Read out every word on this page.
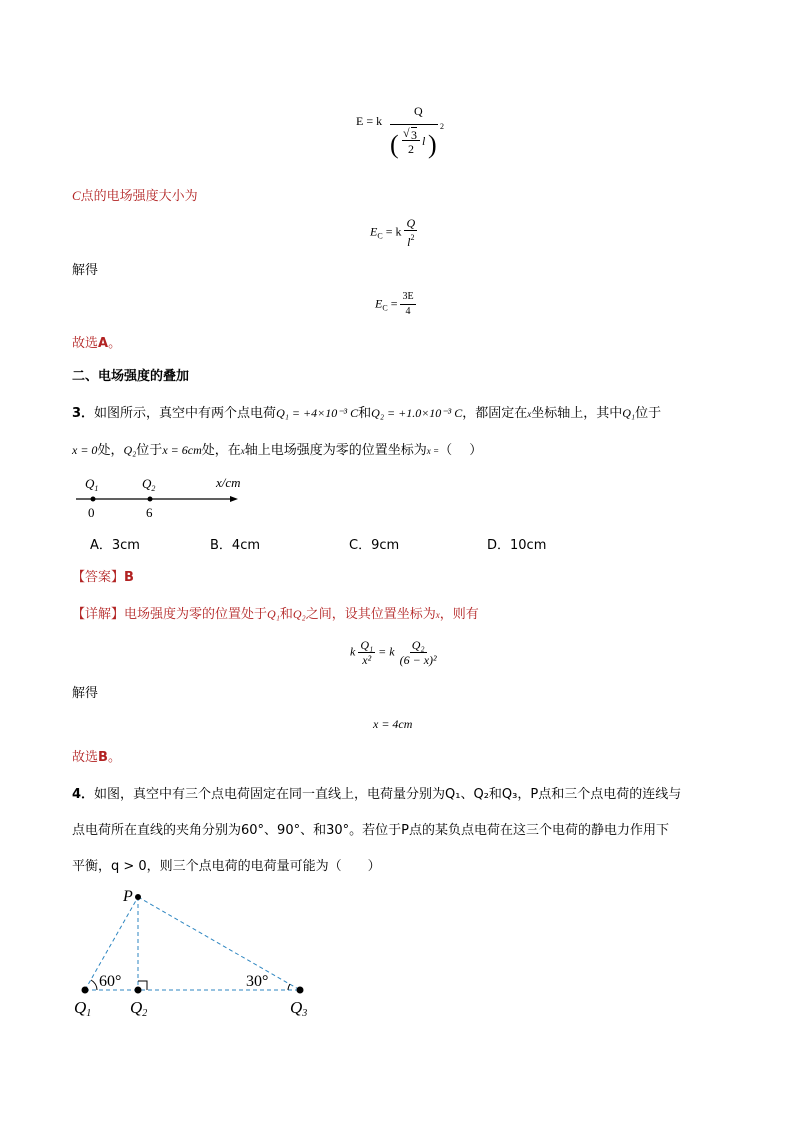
E = k
Q
( √ 3
2
l )
2
C点的电场强度大小为
$E_C = k \frac{Q}{l^2}$
解得
$E_C = \frac{3E}{4}$
故选A。
二、电场强度的叠加
3．如图所示，真空中有两个点电荷Q₁ = +4×10⁻³ C和Q₂ = +1.0×10⁻³ C，都固定在x坐标轴上，其中Q₁位于
x = 0处，Q₂位于x = 6cm处，在x轴上电场强度为零的位置坐标为x =（　 ）
$Q_1$	$Q_2$	x/cm
0	6
A．3cm	B．4cm	C．9cm	D．10cm
【答案】B
【详解】电场强度为零的位置处于Q₁和Q₂之间，设其位置坐标为x，则有
k $\frac{\text{Q₁}}{\text{x²}} = k \frac{\text{Q₂}}{\text{(6 − x)²}}$
解得
x = 4cm
故选B。
4．如图，真空中有三个点电荷固定在同一直线上，电荷量分别为Q₁、Q₂和Q₃，P点和三个点电荷的连线与
点电荷所在直线的夹角分别为60°、90°、和30°。若位于P点的某负点电荷在这三个电荷的静电力作用下
平衡，q > 0，则三个点电荷的电荷量可能为（　　）
P
60°	30°
Q1 Q2	Q3
